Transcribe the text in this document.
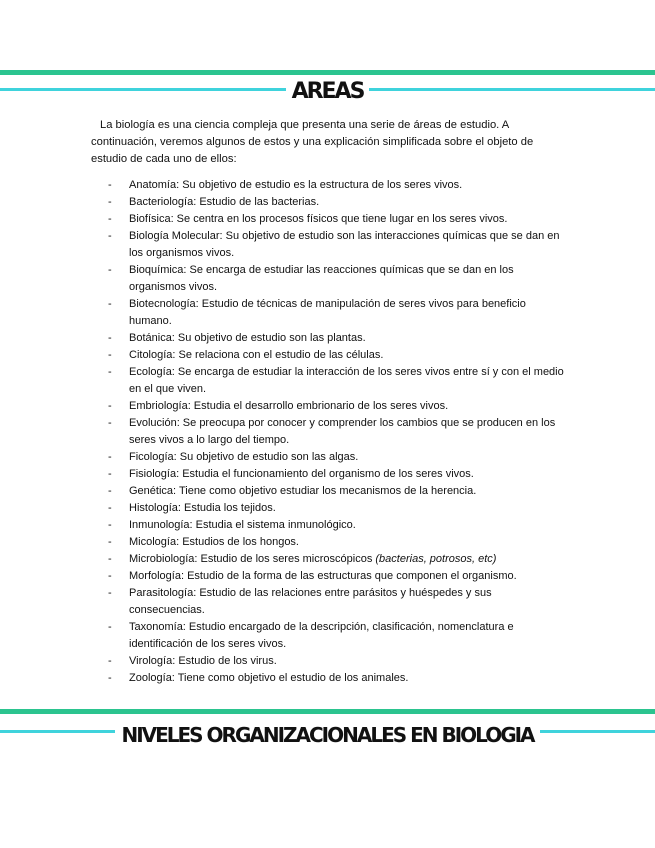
AREAS
La biología es una ciencia compleja que presenta una serie de áreas de estudio. A continuación, veremos algunos de estos y una explicación simplificada sobre el objeto de estudio de cada uno de ellos:
-	Anatomía: Su objetivo de estudio es la estructura de los seres vivos.
-	Bacteriología: Estudio de las bacterias.
-	Biofísica: Se centra en los procesos físicos que tiene lugar en los seres vivos.
-	Biología Molecular: Su objetivo de estudio son las interacciones químicas que se dan en los organismos vivos.
-	Bioquímica: Se encarga de estudiar las reacciones químicas que se dan en los organismos vivos.
-	Biotecnología: Estudio de técnicas de manipulación de seres vivos para beneficio humano.
-	Botánica: Su objetivo de estudio son las plantas.
-	Citología: Se relaciona con el estudio de las células.
-	Ecología: Se encarga de estudiar la interacción de los seres vivos entre sí y con el medio en el que viven.
-	Embriología: Estudia el desarrollo embrionario de los seres vivos.
-	Evolución: Se preocupa por conocer y comprender los cambios que se producen en los seres vivos a lo largo del tiempo.
-	Ficología: Su objetivo de estudio son las algas.
-	Fisiología: Estudia el funcionamiento del organismo de los seres vivos.
-	Genética: Tiene como objetivo estudiar los mecanismos de la herencia.
-	Histología: Estudia los tejidos.
-	Inmunología: Estudia el sistema inmunológico.
-	Micología: Estudios de los hongos.
-	Microbiología: Estudio de los seres microscópicos (bacterias, potrosos, etc)
-	Morfología: Estudio de la forma de las estructuras que componen el organismo.
-	Parasitología: Estudio de las relaciones entre parásitos y huéspedes y sus consecuencias.
-	Taxonomía: Estudio encargado de la descripción, clasificación, nomenclatura e identificación de los seres vivos.
-	Virología: Estudio de los virus.
-	Zoología: Tiene como objetivo el estudio de los animales.
NIVELES ORGANIZACIONALES EN BIOLOGIA
